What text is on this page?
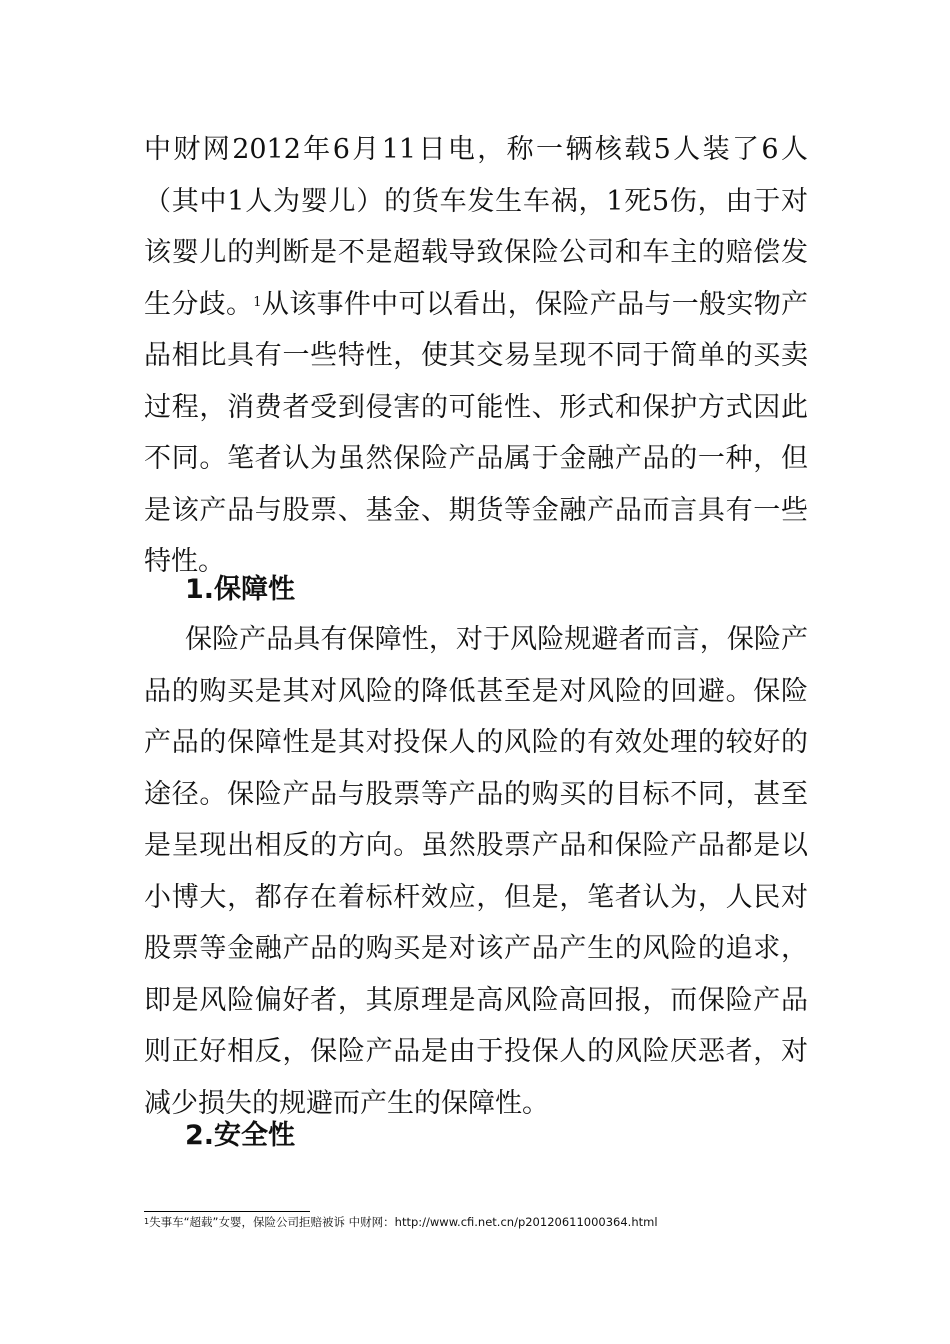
中财网2012年6月11日电，称一辆核载5人装了6人（其中1人为婴儿）的货车发生车祸，1死5伤，由于对该婴儿的判断是不是超载导致保险公司和车主的赔偿发生分歧。$^1$从该事件中可以看出，保险产品与一般实物产品相比具有一些特性，使其交易呈现不同于简单的买卖过程，消费者受到侵害的可能性、形式和保护方式因此不同。笔者认为虽然保险产品属于金融产品的一种，但是该产品与股票、基金、期货等金融产品而言具有一些特性。

1.保障性

保险产品具有保障性，对于风险规避者而言，保险产品的购买是其对风险的降低甚至是对风险的回避。保险产品的保障性是其对投保人的风险的有效处理的较好的途径。保险产品与股票等产品的购买的目标不同，甚至是呈现出相反的方向。虽然股票产品和保险产品都是以小博大，都存在着标杆效应，但是，笔者认为，人民对股票等金融产品的购买是对该产品产生的风险的追求，即是风险偏好者，其原理是高风险高回报，而保险产品则正好相反，保险产品是由于投保人的风险厌恶者，对减少损失的规避而产生的保障性。

2.安全性
$^1$失事车“超载”女婴，保险公司拒赔被诉 中财网：http://www.cfi.net.cn/p20120611000364.html
